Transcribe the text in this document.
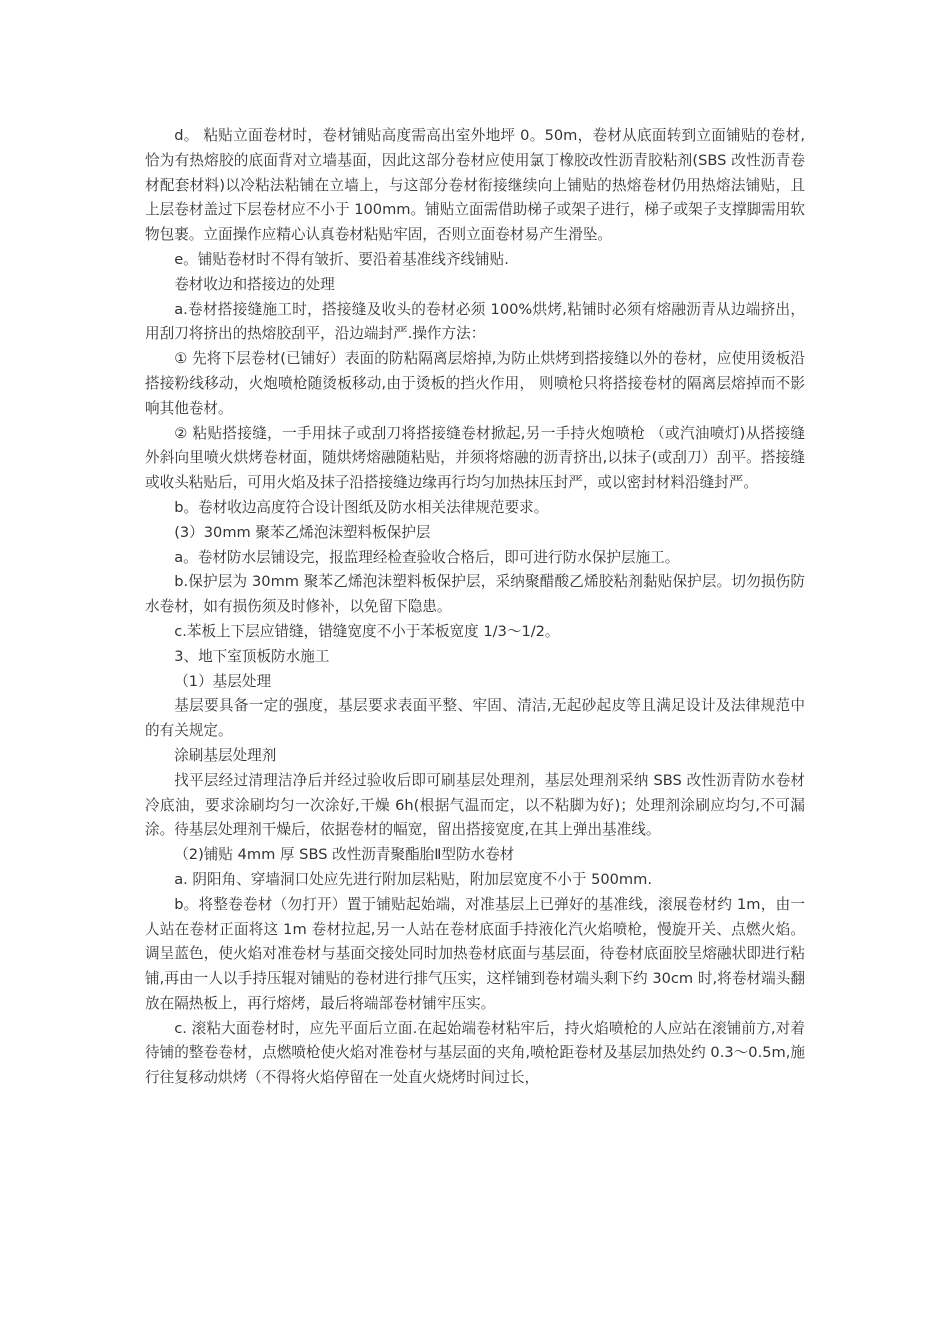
d。 粘贴立面卷材时，卷材铺贴高度需高出室外地坪 0。50m，卷材从底面转到立面铺贴的卷材,恰为有热熔胶的底面背对立墙基面，因此这部分卷材应使用氯丁橡胶改性沥青胶粘剂(SBS 改性沥青卷材配套材料)以冷粘法粘铺在立墙上，与这部分卷材衔接继续向上铺贴的热熔卷材仍用热熔法铺贴，且上层卷材盖过下层卷材应不小于 100mm。铺贴立面需借助梯子或架子进行，梯子或架子支撑脚需用软物包裹。立面操作应精心认真卷材粘贴牢固，否则立面卷材易产生滑坠。

e。铺贴卷材时不得有皱折、要沿着基准线齐线铺贴.

卷材收边和搭接边的处理

a.卷材搭接缝施工时，搭接缝及收头的卷材必须 100%烘烤,粘铺时必须有熔融沥青从边端挤出，用刮刀将挤出的热熔胶刮平，沿边端封严.操作方法：

① 先将下层卷材(已铺好）表面的防粘隔离层熔掉,为防止烘烤到搭接缝以外的卷材，应使用烫板沿搭接粉线移动，火炮喷枪随烫板移动,由于烫板的挡火作用， 则喷枪只将搭接卷材的隔离层熔掉而不影响其他卷材。

② 粘贴搭接缝，一手用抹子或刮刀将搭接缝卷材掀起,另一手持火炮喷枪 （或汽油喷灯)从搭接缝外斜向里喷火烘烤卷材面，随烘烤熔融随粘贴，并须将熔融的沥青挤出,以抹子(或刮刀）刮平。搭接缝或收头粘贴后，可用火焰及抹子沿搭接缝边缘再行均匀加热抹压封严，或以密封材料沿缝封严。

b。卷材收边高度符合设计图纸及防水相关法律规范要求。

(3）30mm 聚苯乙烯泡沫塑料板保护层

a。卷材防水层铺设完，报监理经检查验收合格后，即可进行防水保护层施工。

b.保护层为 30mm 聚苯乙烯泡沫塑料板保护层，采纳聚醋酸乙烯胶粘剂黏贴保护层。切勿损伤防水卷材，如有损伤须及时修补，以免留下隐患。

c.苯板上下层应错缝，错缝宽度不小于苯板宽度 1/3～1/2。

3、地下室顶板防水施工

（1）基层处理

基层要具备一定的强度，基层要求表面平整、牢固、清洁,无起砂起皮等且满足设计及法律规范中的有关规定。

涂刷基层处理剂

找平层经过清理洁净后并经过验收后即可刷基层处理剂，基层处理剂采纳 SBS 改性沥青防水卷材冷底油，要求涂刷均匀一次涂好,干燥 6h(根据气温而定，以不粘脚为好)；处理剂涂刷应均匀,不可漏涂。待基层处理剂干燥后，依据卷材的幅宽，留出搭接宽度,在其上弹出基准线。

（2)铺贴 4mm 厚 SBS 改性沥青聚酯胎Ⅱ型防水卷材

a. 阴阳角、穿墙洞口处应先进行附加层粘贴，附加层宽度不小于 500mm.

b。将整卷卷材（勿打开）置于铺贴起始端，对准基层上已弹好的基准线，滚展卷材约 1m，由一人站在卷材正面将这 1m 卷材拉起,另一人站在卷材底面手持液化汽火焰喷枪，慢旋开关、点燃火焰。调呈蓝色，使火焰对准卷材与基面交接处同时加热卷材底面与基层面，待卷材底面胶呈熔融状即进行粘铺,再由一人以手持压辊对铺贴的卷材进行排气压实，这样铺到卷材端头剩下约 30cm 时,将卷材端头翻放在隔热板上，再行熔烤，最后将端部卷材铺牢压实。

c. 滚粘大面卷材时，应先平面后立面.在起始端卷材粘牢后，持火焰喷枪的人应站在滚铺前方,对着待铺的整卷卷材，点燃喷枪使火焰对准卷材与基层面的夹角,喷枪距卷材及基层加热处约 0.3～0.5m,施行往复移动烘烤（不得将火焰停留在一处直火烧烤时间过长，
